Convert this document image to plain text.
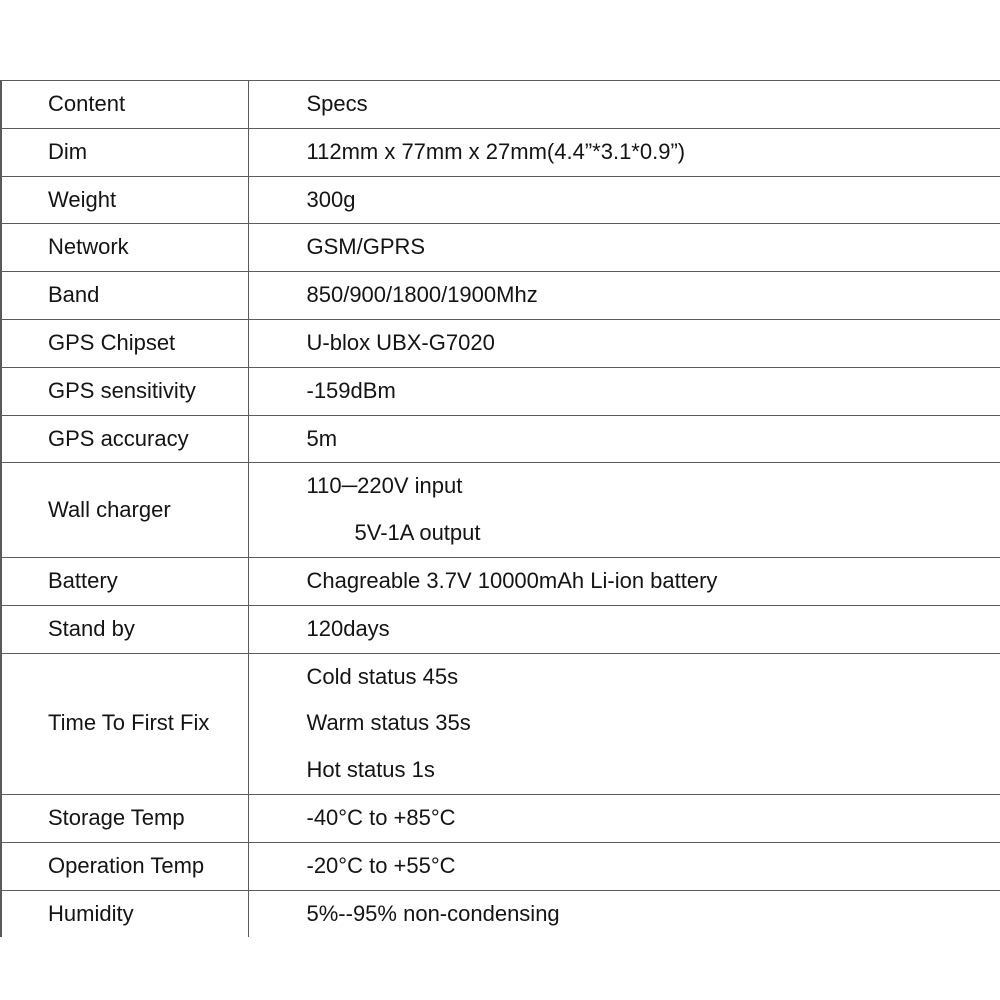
Content	Specs

Dim	112mm x 77mm x 27mm(4.4”*3.1*0.9”)

Weight	300g

Network	GSM/GPRS

Band	850/900/1800/1900Mhz

GPS Chipset	U-blox UBX-G7020

GPS sensitivity	-159dBm

GPS accuracy	5m

Wall charger	110─220V input
5V-1A output

Battery	Chagreable 3.7V 10000mAh Li-ion battery

Stand by	120days

Time To First Fix	Cold status 45s
Warm status 35s
Hot status 1s

Storage Temp	-40°C to +85°C

Operation Temp	-20°C to +55°C

Humidity	5%--95% non-condensing
